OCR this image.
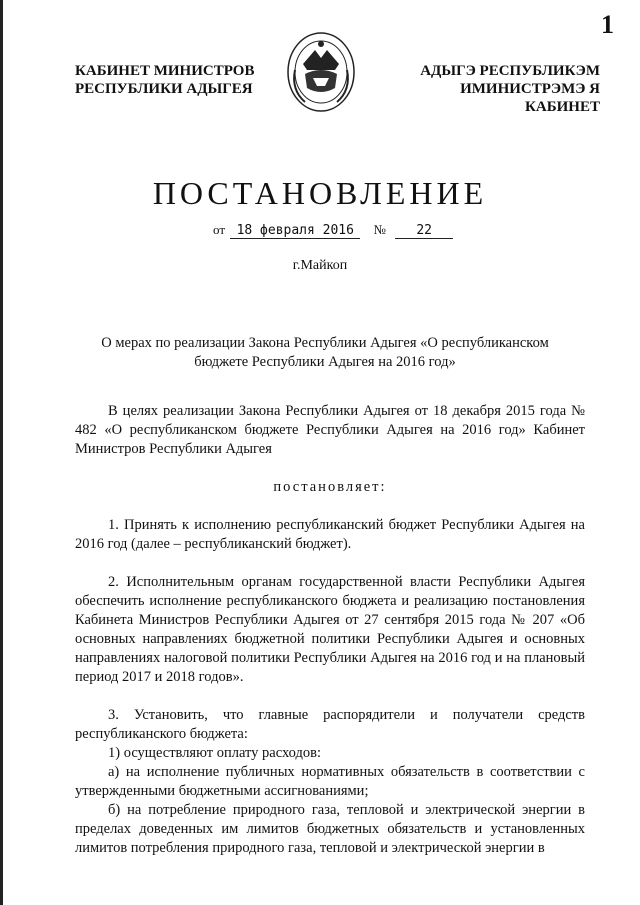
1
КАБИНЕТ МИНИСТРОВ
РЕСПУБЛИКИ АДЫГЕЯ
АДЫГЭ РЕСПУБЛИКЭМ
ИМИНИСТРЭМЭ Я КАБИНЕТ
ПОСТАНОВЛЕНИЕ
от 18 февраля 2016 № 22
г.Майкоп
О мерах по реализации Закона Республики Адыгея «О республиканском бюджете Республики Адыгея на 2016 год»

В целях реализации Закона Республики Адыгея от 18 декабря 2015 года № 482 «О республиканском бюджете Республики Адыгея на 2016 год» Кабинет Министров Республики Адыгея

постановляет:

1. Принять к исполнению республиканский бюджет Республики Адыгея на 2016 год (далее – республиканский бюджет).

2. Исполнительным органам государственной власти Республики Адыгея обеспечить исполнение республиканского бюджета и реализацию постановления Кабинета Министров Республики Адыгея от 27 сентября 2015 года № 207 «Об основных направлениях бюджетной политики Республики Адыгея и основных направлениях налоговой политики Республики Адыгея на 2016 год и на плановый период 2017 и 2018 годов».

3. Установить, что главные распорядители и получатели средств республиканского бюджета:

1) осуществляют оплату расходов:

а) на исполнение публичных нормативных обязательств в соответствии с утвержденными бюджетными ассигнованиями;

б) на потребление природного газа, тепловой и электрической энергии в пределах доведенных им лимитов бюджетных обязательств и установленных лимитов потребления природного газа, тепловой и электрической энергии в
